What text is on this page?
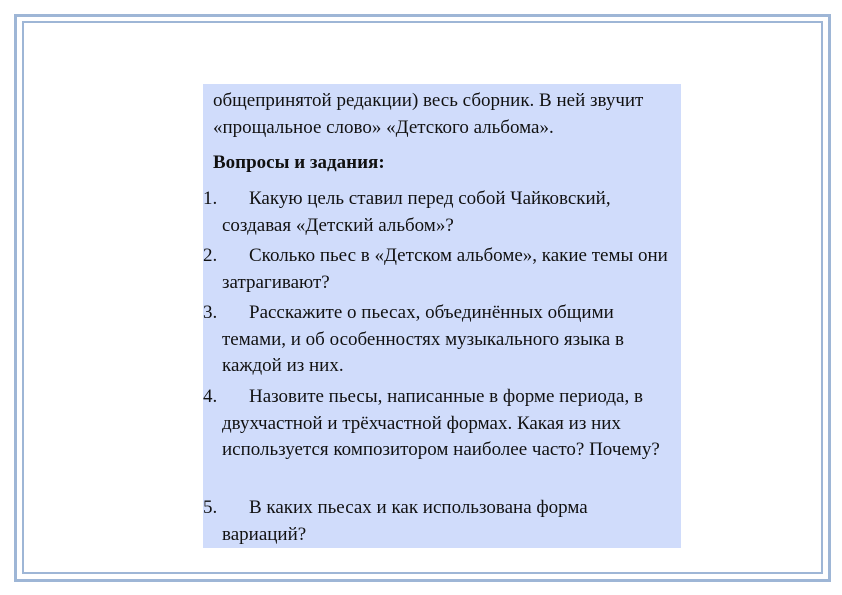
общепринятой редакции) весь сборник. В ней звучит «прощальное слово» «Детского альбома».
Вопросы и задания:
1.	Какую цель ставил перед собой Чайковский, создавая «Детский альбом»?
2.	Сколько пьес в «Детском альбоме», какие темы они затрагивают?
3.	Расскажите о пьесах, объединённых общими темами, и об особенностях музыкального языка в каждой из них.
4.	Назовите пьесы, написанные в форме периода, в двухчастной и трёхчастной формах. Какая из них используется композитором наиболее часто? Почему?
5.	В каких пьесах и как использована форма вариаций?
